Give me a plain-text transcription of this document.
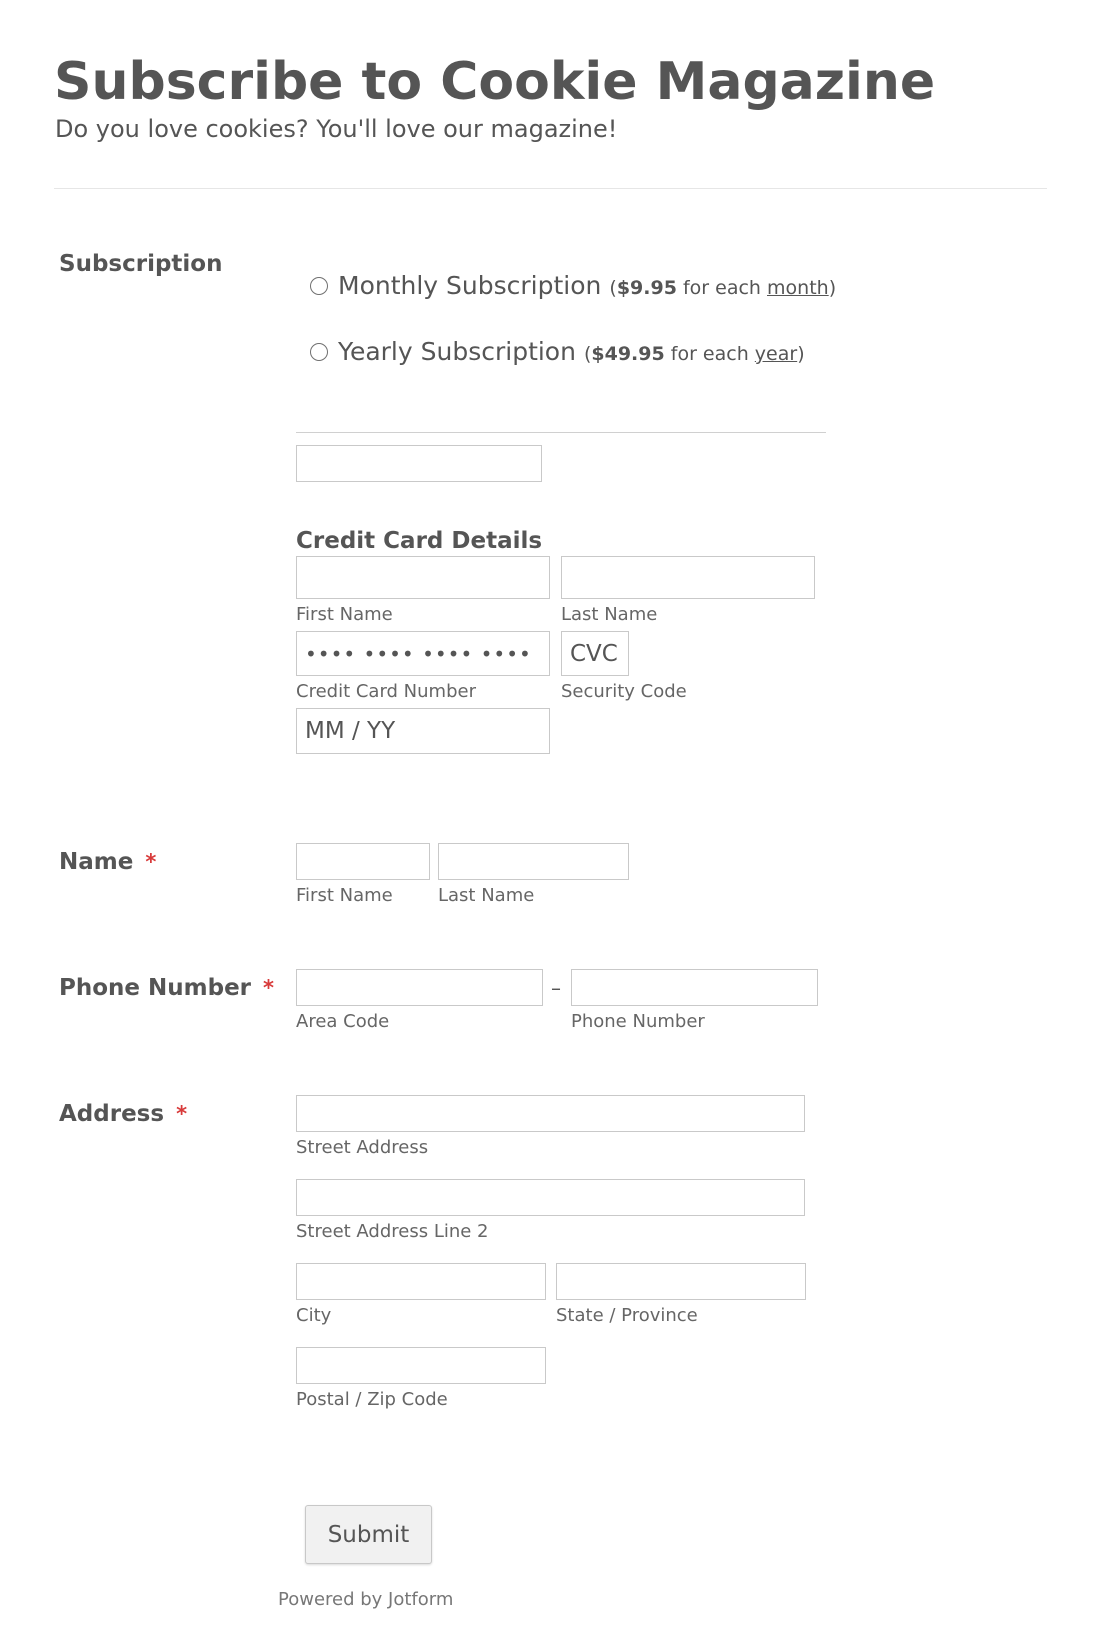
Subscribe to Cookie Magazine
Do you love cookies? You'll love our magazine!
Subscription
Monthly Subscription ($9.95 for each month)
Yearly Subscription ($49.95 for each year)
Credit Card Details
First Name	Last Name
•••• •••• •••• ••••	CVC
Credit Card Number	Security Code
MM / YY
Name *
First Name	Last Name
Phone Number *	–
Area Code	Phone Number
Address *
Street Address
Street Address Line 2
City	State / Province
Postal / Zip Code
Submit
Powered by Jotform
